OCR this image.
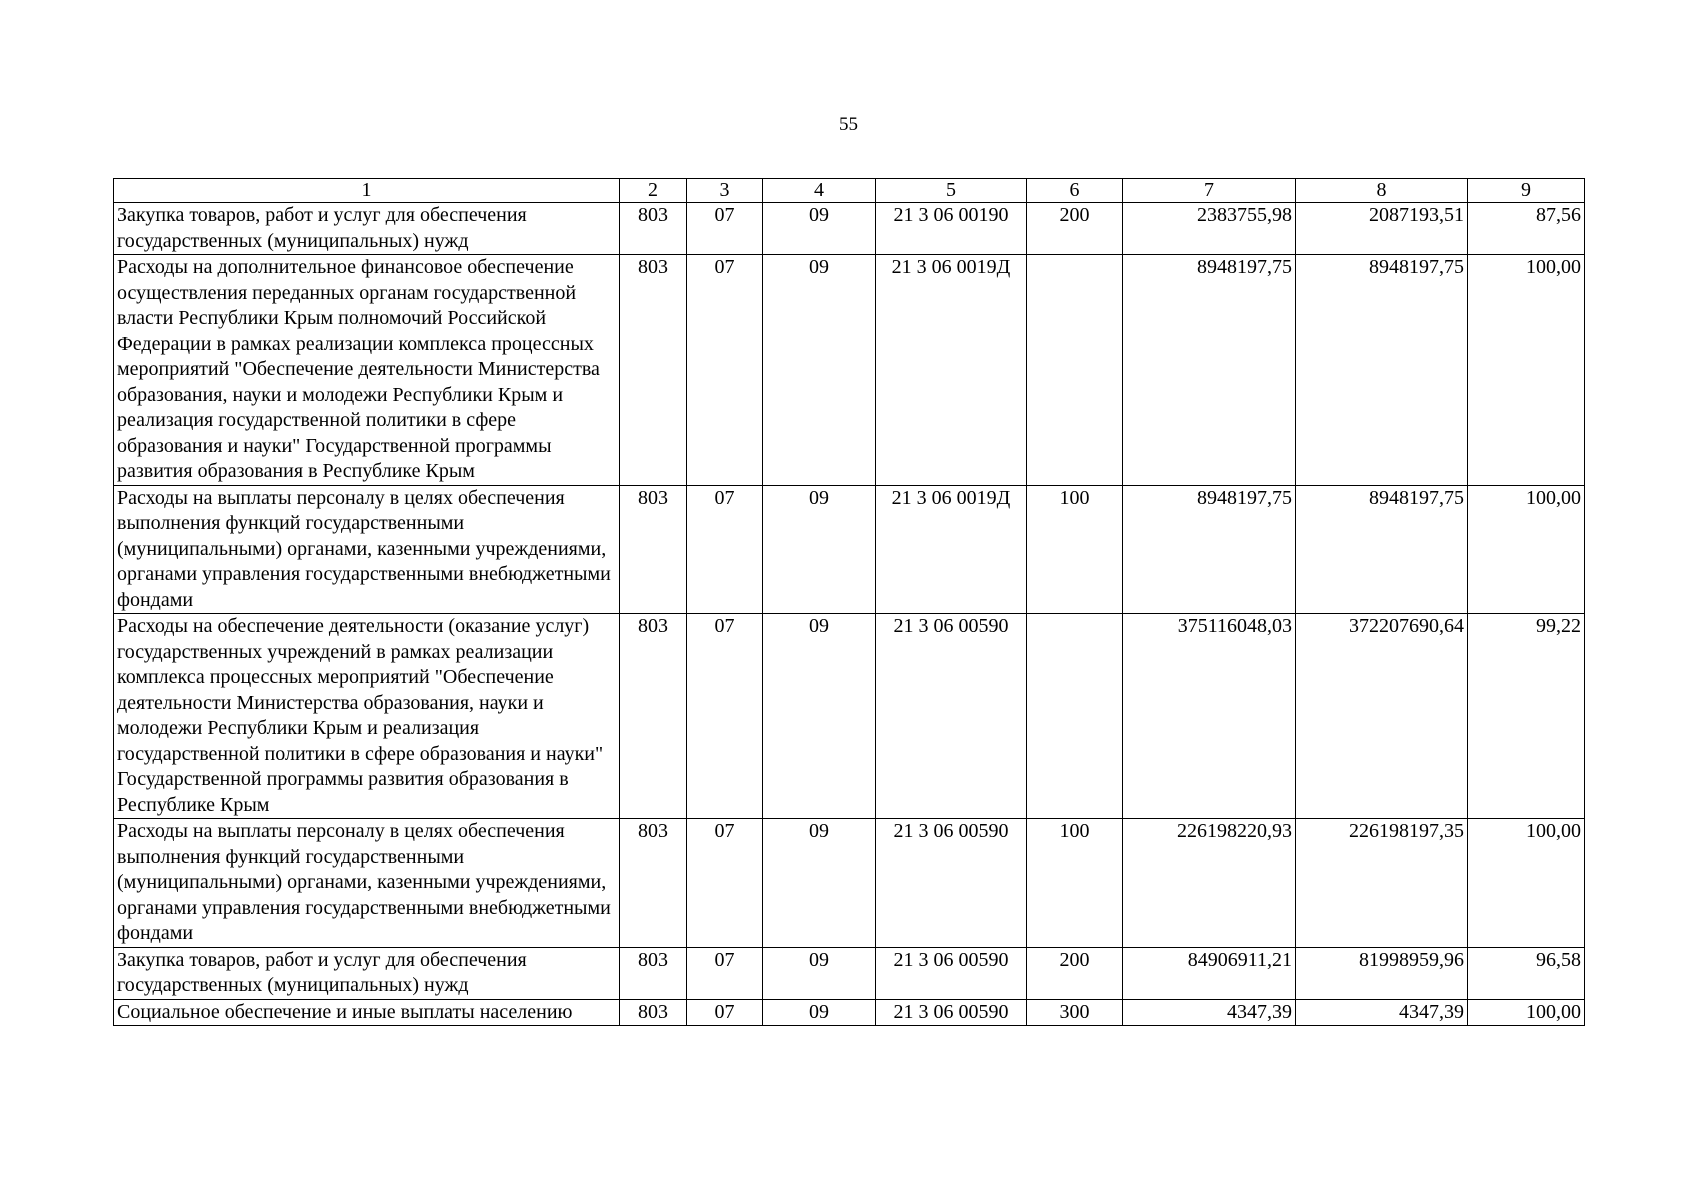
55
1	2	3	4	5	6	7	8	9
Закупка товаров, работ и услуг для обеспечения государственных (муниципальных) нужд	803	07	09	21 3 06 00190	200	2383755,98	2087193,51	87,56
Расходы на дополнительное финансовое обеспечение осуществления переданных органам государственной власти Республики Крым полномочий Российской Федерации в рамках реализации комплекса процессных мероприятий "Обеспечение деятельности Министерства образования, науки и молодежи Республики Крым и реализация государственной политики в сфере образования и науки" Государственной программы развития образования в Республике Крым	803	07	09	21 3 06 0019Д		8948197,75	8948197,75	100,00
Расходы на выплаты персоналу в целях обеспечения выполнения функций государственными (муниципальными) органами, казенными учреждениями, органами управления государственными внебюджетными фондами	803	07	09	21 3 06 0019Д	100	8948197,75	8948197,75	100,00
Расходы на обеспечение деятельности (оказание услуг) государственных учреждений в рамках реализации комплекса процессных мероприятий "Обеспечение деятельности Министерства образования, науки и молодежи Республики Крым и реализация государственной политики в сфере образования и науки" Государственной программы развития образования в Республике Крым	803	07	09	21 3 06 00590		375116048,03	372207690,64	99,22
Расходы на выплаты персоналу в целях обеспечения выполнения функций государственными (муниципальными) органами, казенными учреждениями, органами управления государственными внебюджетными фондами	803	07	09	21 3 06 00590	100	226198220,93	226198197,35	100,00
Закупка товаров, работ и услуг для обеспечения государственных (муниципальных) нужд	803	07	09	21 3 06 00590	200	84906911,21	81998959,96	96,58
Социальное обеспечение и иные выплаты населению	803	07	09	21 3 06 00590	300	4347,39	4347,39	100,00
